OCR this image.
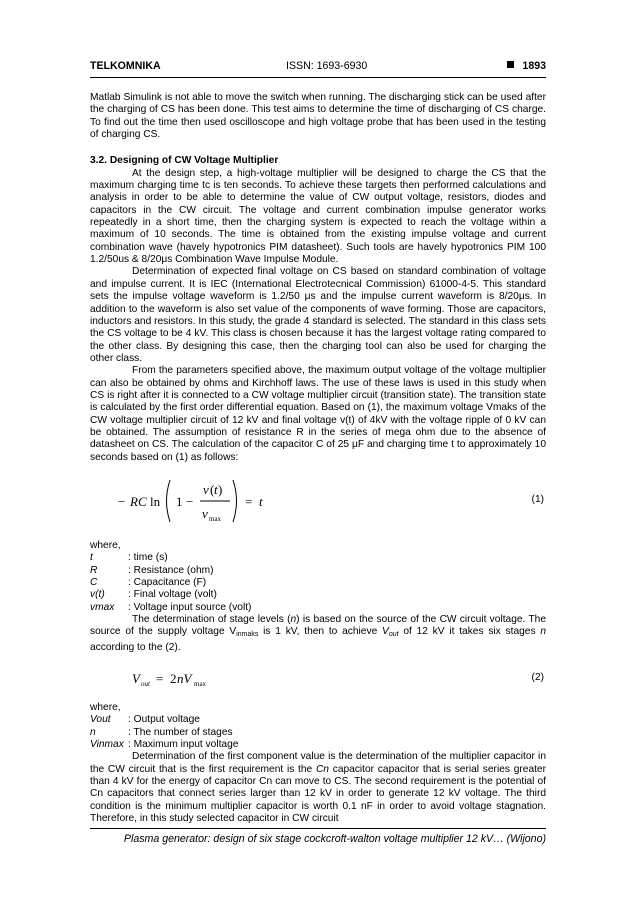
TELKOMNIKA	ISSN: 1693-6930	1893

Matlab Simulink is not able to move the switch when running. The discharging stick can be used after the charging of CS has been done. This test aims to determine the time of discharging of CS charge. To find out the time then used oscilloscope and high voltage probe that has been used in the testing of charging CS.

3.2. Designing of CW Voltage Multiplier

At the design step, a high-voltage multiplier will be designed to charge the CS that the maximum charging time tc is ten seconds. To achieve these targets then performed calculations and analysis in order to be able to determine the value of CW output voltage, resistors, diodes and capacitors in the CW circuit. The voltage and current combination impulse generator works repeatedly in a short time, then the charging system is expected to reach the voltage within a maximum of 10 seconds. The time is obtained from the existing impulse voltage and current combination wave (havely hypotronics PIM datasheet). Such tools are havely hypotronics PIM 100 1.2/50us & 8/20μs Combination Wave Impulse Module.

Determination of expected final voltage on CS based on standard combination of voltage and impulse current. It is IEC (International Electrotecnical Commission) 61000-4-5. This standard sets the impulse voltage waveform is 1.2/50 μs and the impulse current waveform is 8/20μs. In addition to the waveform is also set value of the components of wave forming. Those are capacitors, inductors and resistors. In this study, the grade 4 standard is selected. The standard in this class sets the CS voltage to be 4 kV. This class is chosen because it has the largest voltage rating compared to the other class. By designing this case, then the charging tool can also be used for charging the other class.

From the parameters specified above, the maximum output voltage of the voltage multiplier can also be obtained by ohms and Kirchhoff laws. The use of these laws is used in this study when CS is right after it is connected to a CW voltage multiplier circuit (transition state). The transition state is calculated by the first order differential equation. Based on (1), the maximum voltage Vmaks of the CW voltage multiplier circuit of 12 kV and final voltage v(t) of 4kV with the voltage ripple of 0 kV can be obtained. The assumption of resistance R in the series of mega ohm due to the absence of datasheet on CS. The calculation of the capacitor C of 25 μF and charging time t to approximately 10 seconds based on (1) as follows:

− RC ln 1 −
v ( t )
v max
= t	(1)

where,

t	: time (s)
R	: Resistance (ohm)
C	: Capacitance (F)
v(t)	: Final voltage (volt)
vmax	: Voltage input source (volt)

The determination of stage levels (n) is based on the source of the CW circuit voltage. The source of the supply voltage $V_{inmaks}$ is 1 kV, then to achieve $V_{out}$ of 12 kV it takes six stages n according to the (2).

V out = 2 nV max
(2)

where,

Vout	: Output voltage
n	: The number of stages
Vinmax : Maximum input voltage

Determination of the first component value is the determination of the multiplier capacitor in the CW circuit that is the first requirement is the Cn capacitor capacitor that is serial series greater than 4 kV for the energy of capacitor Cn can move to CS. The second requirement is the potential of Cn capacitors that connect series larger than 12 kV in order to generate 12 kV voltage. The third condition is the minimum multiplier capacitor is worth 0.1 nF in order to avoid voltage stagnation. Therefore, in this study selected capacitor in CW circuit

Plasma generator: design of six stage cockcroft-walton voltage multiplier 12 kV… (Wijono)
